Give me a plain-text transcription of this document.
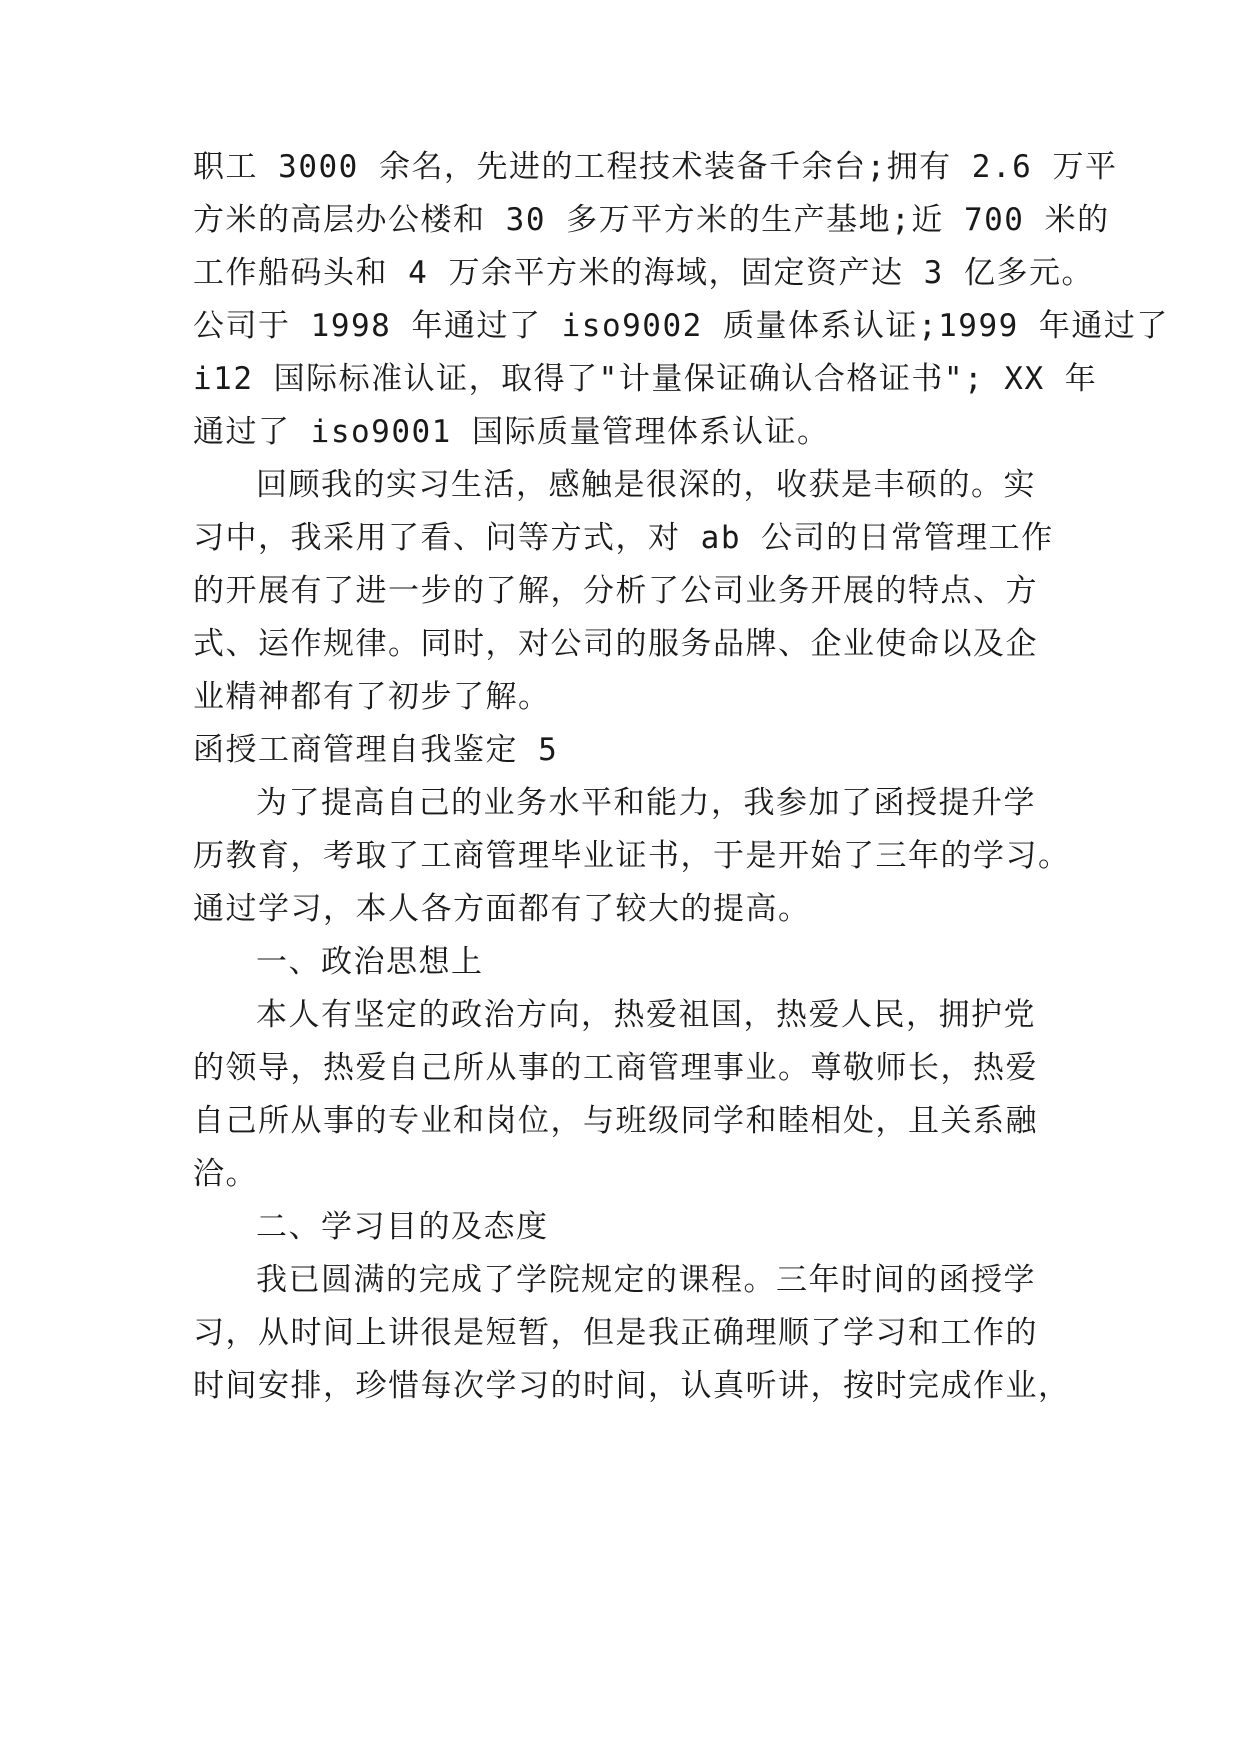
职工 3000 余名，先进的工程技术装备千余台;拥有 2.6 万平
方米的高层办公楼和 30 多万平方米的生产基地;近 700 米的
工作船码头和 4 万余平方米的海域，固定资产达 3 亿多元。
公司于 1998 年通过了 iso9002 质量体系认证;1999 年通过了
i12 国际标准认证，取得了"计量保证确认合格证书"; XX 年
通过了 iso9001 国际质量管理体系认证。
回顾我的实习生活，感触是很深的，收获是丰硕的。实
习中，我采用了看、问等方式，对 ab 公司的日常管理工作
的开展有了进一步的了解，分析了公司业务开展的特点、方
式、运作规律。同时，对公司的服务品牌、企业使命以及企
业精神都有了初步了解。
函授工商管理自我鉴定 5
为了提高自己的业务水平和能力，我参加了函授提升学
历教育，考取了工商管理毕业证书，于是开始了三年的学习。
通过学习，本人各方面都有了较大的提高。
一、政治思想上
本人有坚定的政治方向，热爱祖国，热爱人民，拥护党
的领导，热爱自己所从事的工商管理事业。尊敬师长，热爱
自己所从事的专业和岗位，与班级同学和睦相处，且关系融
洽。
二、学习目的及态度
我已圆满的完成了学院规定的课程。三年时间的函授学
习，从时间上讲很是短暂，但是我正确理顺了学习和工作的
时间安排，珍惜每次学习的时间，认真听讲，按时完成作业，
